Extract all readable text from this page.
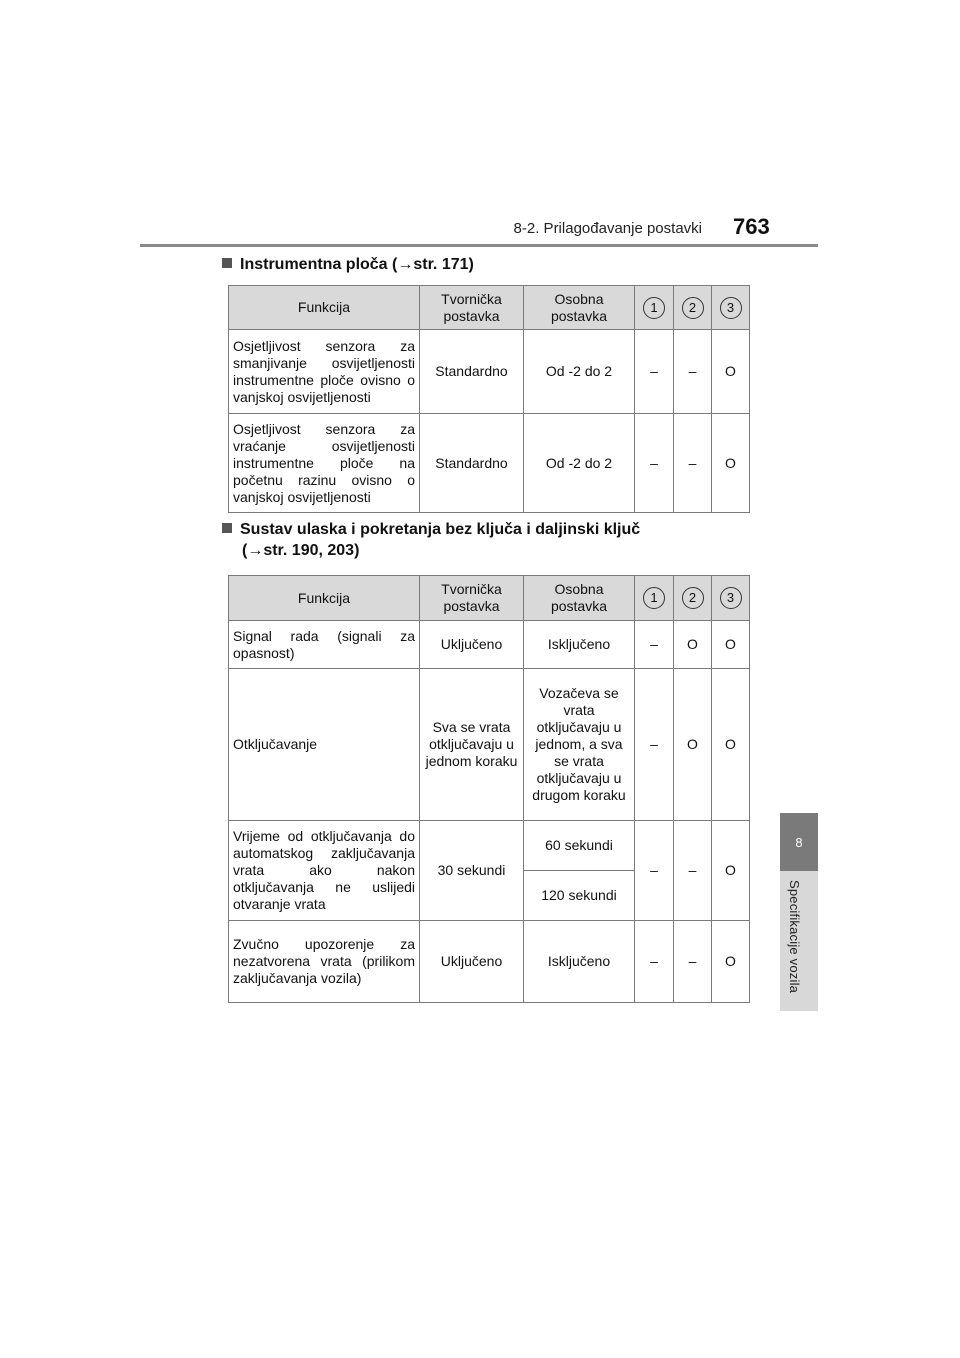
8-2. Prilagođavanje postavki 763
8
Specifikacije vozila
Instrumentna ploča (→str. 171)
Funkcija	Tvornička postavka	Osobna postavka	1	2	3
Osjetljivost senzora za smanjivanje osvijetljenosti instrumentne ploče ovisno o vanjskoj osvijetljenosti	Standardno	Od -2 do 2	–	–	O
Osjetljivost senzora za vraćanje osvijetljenosti instrumentne ploče na početnu razinu ovisno o vanjskoj osvijetljenosti	Standardno	Od -2 do 2	–	–	O
Sustav ulaska i pokretanja bez ključa i daljinski ključ
(→str. 190, 203)
Funkcija	Tvornička postavka	Osobna postavka	1	2	3
Signal rada (signali za opasnost)	Uključeno	Isključeno	–	O	O
Otključavanje	Sva se vrata otključavaju u jednom koraku	Vozačeva se vrata otključavaju u jednom, a sva se vrata otključavaju u drugom koraku	–	O	O
Vrijeme od otključavanja do automatskog zaključavanja vrata ako nakon otključavanja ne uslijedi otvaranje vrata	30 sekundi	60 sekundi	–	–	O
		120 sekundi			
Zvučno upozorenje za nezatvorena vrata (prilikom zaključavanja vozila)	Uključeno	Isključeno	–	–	O
